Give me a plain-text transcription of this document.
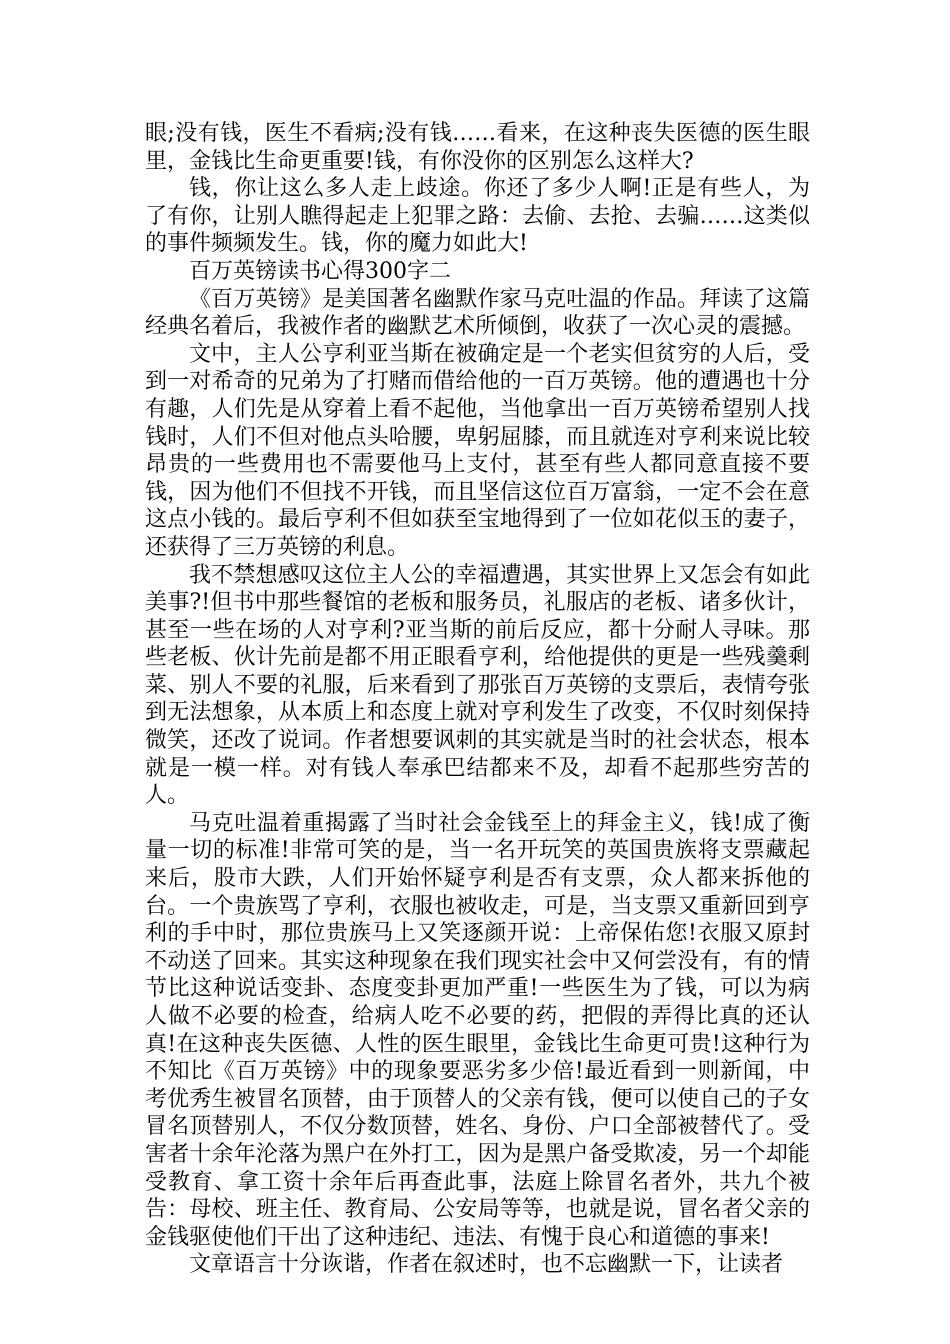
眼;没有钱，医生不看病;没有钱……看来，在这种丧失医德的医生眼里，金钱比生命更重要!钱，有你没你的区别怎么这样大?

钱，你让这么多人走上歧途。你还了多少人啊!正是有些人，为了有你，让别人瞧得起走上犯罪之路：去偷、去抢、去骗……这类似的事件频频发生。钱，你的魔力如此大!

百万英镑读书心得300字二

《百万英镑》是美国著名幽默作家马克吐温的作品。拜读了这篇经典名着后，我被作者的幽默艺术所倾倒，收获了一次心灵的震撼。

文中，主人公亨利亚当斯在被确定是一个老实但贫穷的人后，受到一对希奇的兄弟为了打赌而借给他的一百万英镑。他的遭遇也十分有趣，人们先是从穿着上看不起他，当他拿出一百万英镑希望别人找钱时，人们不但对他点头哈腰，卑躬屈膝，而且就连对亨利来说比较昂贵的一些费用也不需要他马上支付，甚至有些人都同意直接不要钱，因为他们不但找不开钱，而且坚信这位百万富翁，一定不会在意这点小钱的。最后亨利不但如获至宝地得到了一位如花似玉的妻子，还获得了三万英镑的利息。

我不禁想感叹这位主人公的幸福遭遇，其实世界上又怎会有如此美事?!但书中那些餐馆的老板和服务员，礼服店的老板、诸多伙计，甚至一些在场的人对亨利?亚当斯的前后反应，都十分耐人寻味。那些老板、伙计先前是都不用正眼看亨利，给他提供的更是一些残羹剩菜、别人不要的礼服，后来看到了那张百万英镑的支票后，表情夸张到无法想象，从本质上和态度上就对亨利发生了改变，不仅时刻保持微笑，还改了说词。作者想要讽刺的其实就是当时的社会状态，根本就是一模一样。对有钱人奉承巴结都来不及，却看不起那些穷苦的人。

马克吐温着重揭露了当时社会金钱至上的拜金主义，钱!成了衡量一切的标准!非常可笑的是，当一名开玩笑的英国贵族将支票藏起来后，股市大跌，人们开始怀疑亨利是否有支票，众人都来拆他的台。一个贵族骂了亨利，衣服也被收走，可是，当支票又重新回到亨利的手中时，那位贵族马上又笑逐颜开说：上帝保佑您!衣服又原封不动送了回来。其实这种现象在我们现实社会中又何尝没有，有的情节比这种说话变卦、态度变卦更加严重!一些医生为了钱，可以为病人做不必要的检查，给病人吃不必要的药，把假的弄得比真的还认真!在这种丧失医德、人性的医生眼里，金钱比生命更可贵!这种行为不知比《百万英镑》中的现象要恶劣多少倍!最近看到一则新闻，中考优秀生被冒名顶替，由于顶替人的父亲有钱，便可以使自己的子女冒名顶替别人，不仅分数顶替，姓名、身份、户口全部被替代了。受害者十余年沦落为黑户在外打工，因为是黑户备受欺凌，另一个却能受教育、拿工资十余年后再查此事，法庭上除冒名者外，共九个被告：母校、班主任、教育局、公安局等等，也就是说，冒名者父亲的金钱驱使他们干出了这种违纪、违法、有愧于良心和道德的事来!

文章语言十分诙谐，作者在叙述时，也不忘幽默一下，让读者
